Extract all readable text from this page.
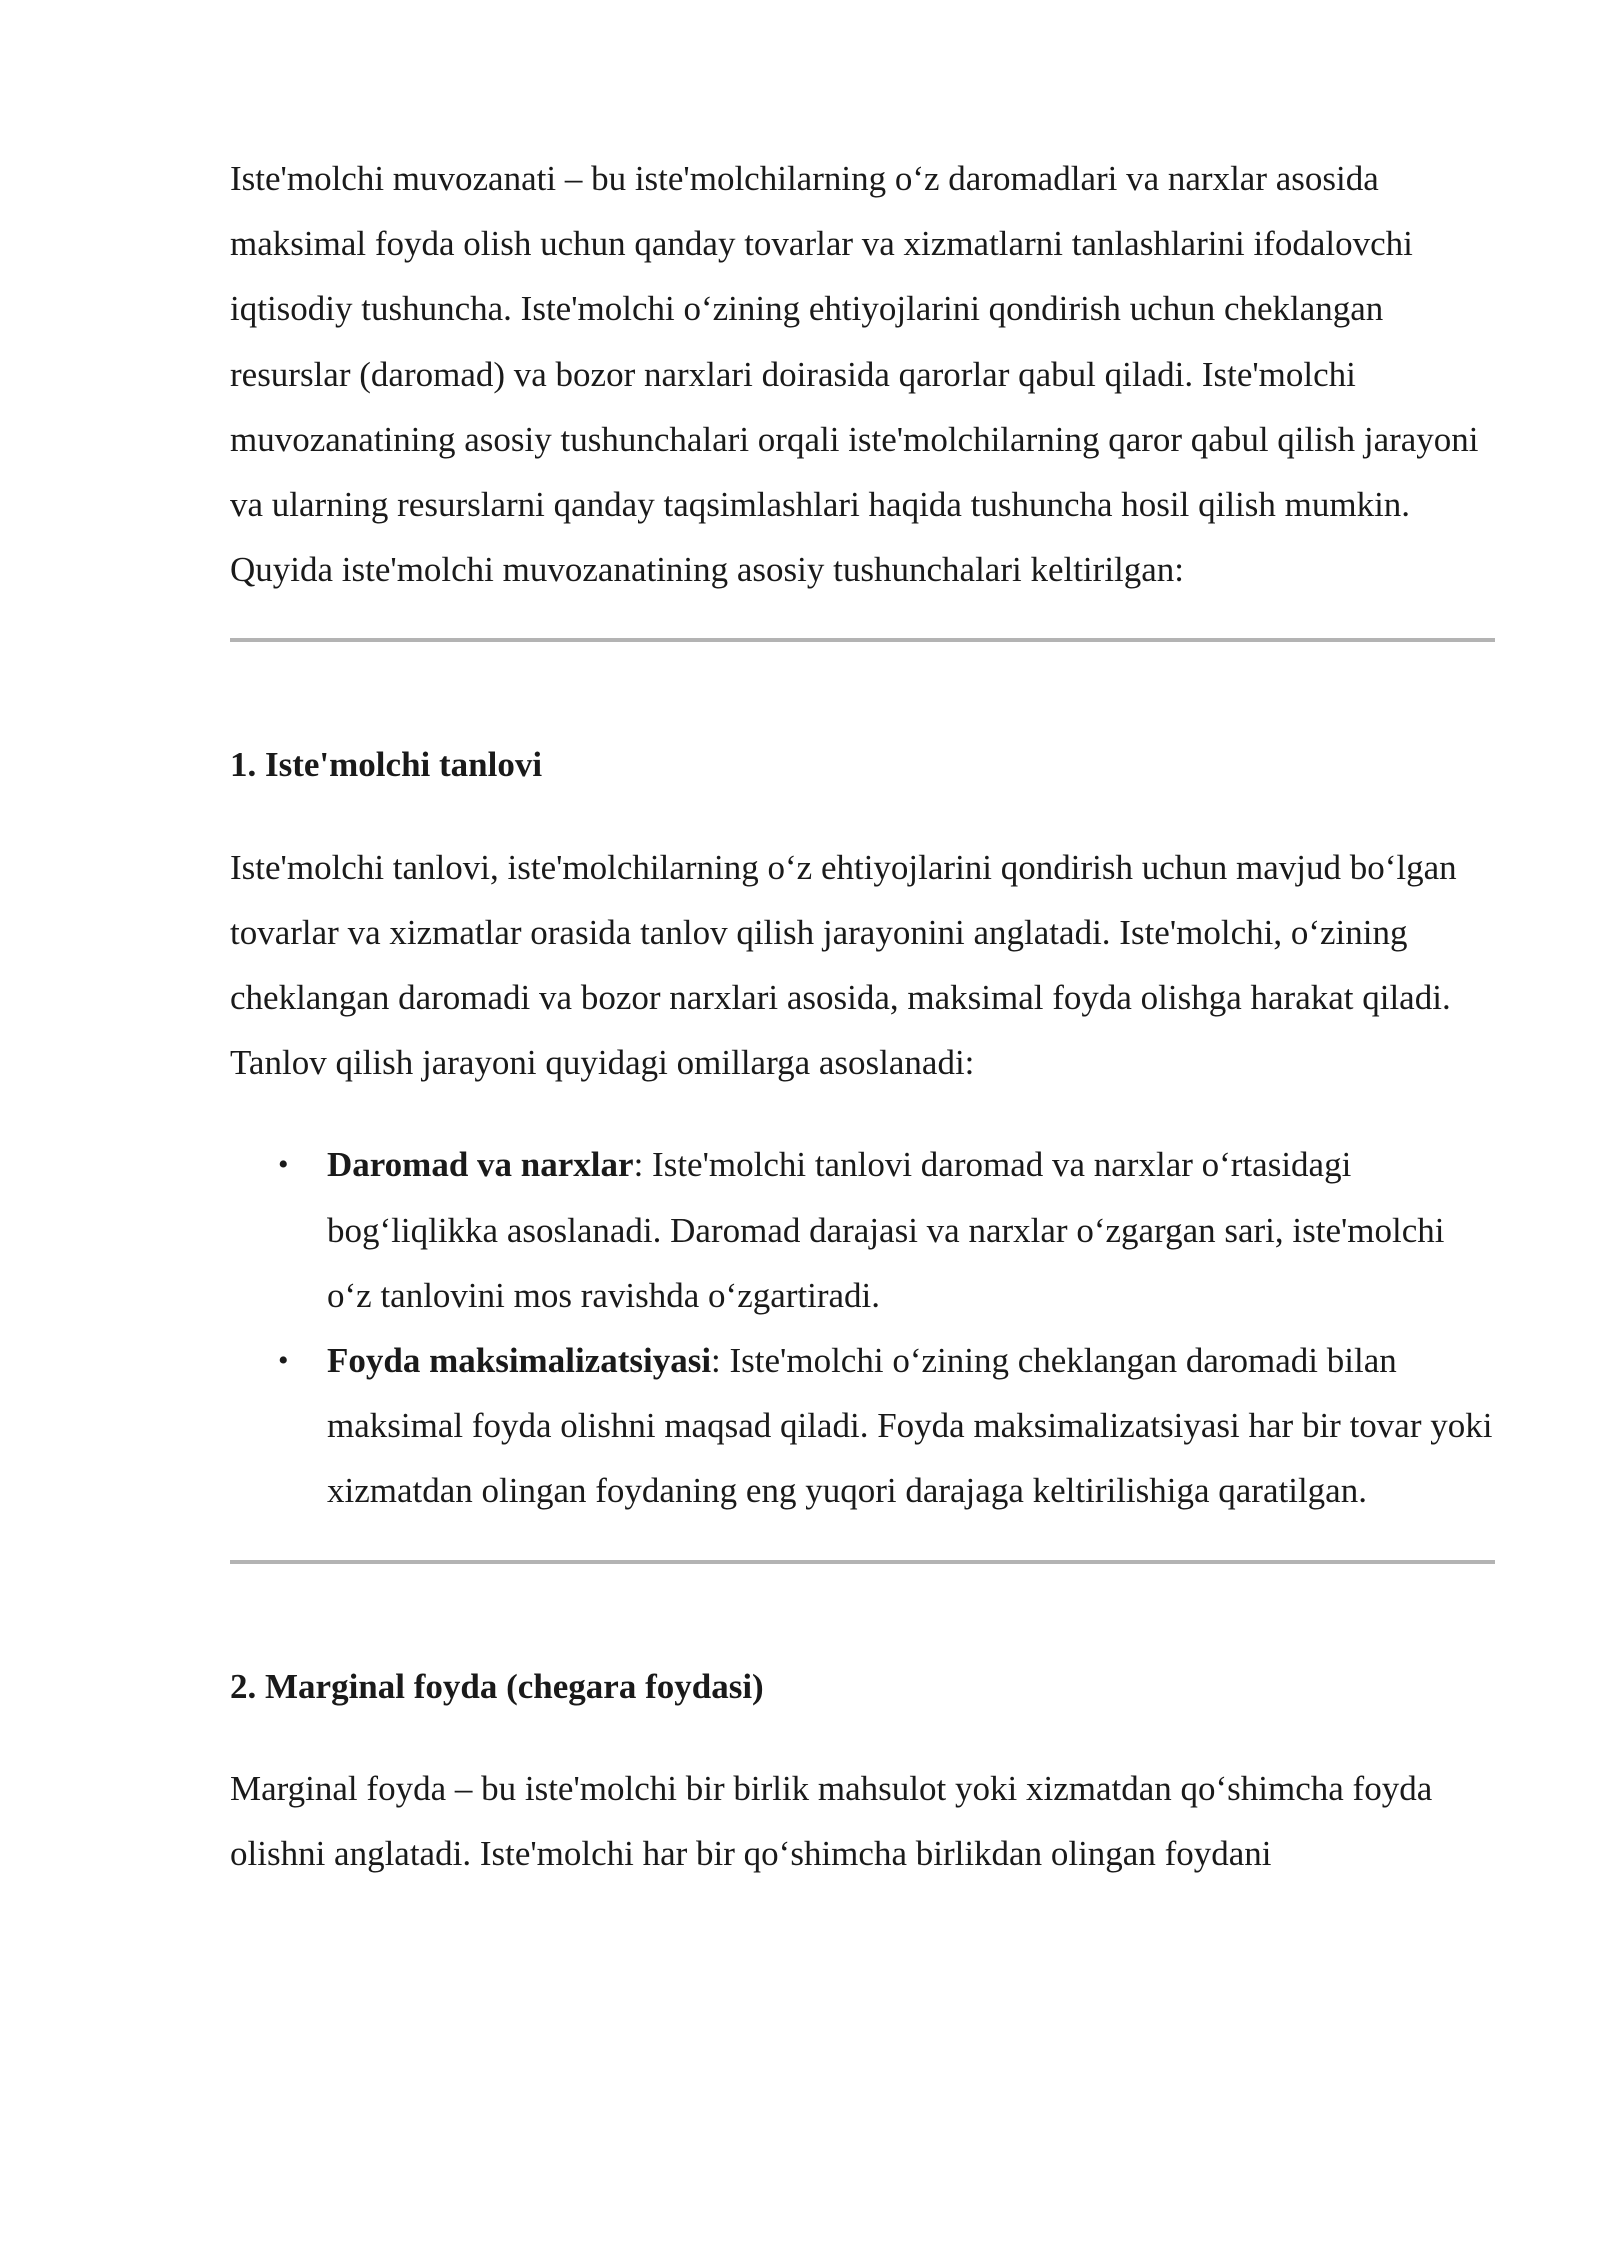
Iste'molchi muvozanati – bu iste'molchilarning o‘z daromadlari va narxlar asosida maksimal foyda olish uchun qanday tovarlar va xizmatlarni tanlashlarini ifodalovchi iqtisodiy tushuncha. Iste'molchi o‘zining ehtiyojlarini qondirish uchun cheklangan resurslar (daromad) va bozor narxlari doirasida qarorlar qabul qiladi. Iste'molchi muvozanatining asosiy tushunchalari orqali iste'molchilarning qaror qabul qilish jarayoni va ularning resurslarni qanday taqsimlashlari haqida tushuncha hosil qilish mumkin. Quyida iste'molchi muvozanatining asosiy tushunchalari keltirilgan:

1. Iste'molchi tanlovi

Iste'molchi tanlovi, iste'molchilarning o‘z ehtiyojlarini qondirish uchun mavjud bo‘lgan tovarlar va xizmatlar orasida tanlov qilish jarayonini anglatadi. Iste'molchi, o‘zining cheklangan daromadi va bozor narxlari asosida, maksimal foyda olishga harakat qiladi. Tanlov qilish jarayoni quyidagi omillarga asoslanadi:

• Daromad va narxlar: Iste'molchi tanlovi daromad va narxlar o‘rtasidagi bog‘liqlikka asoslanadi. Daromad darajasi va narxlar o‘zgargan sari, iste'molchi o‘z tanlovini mos ravishda o‘zgartiradi.
• Foyda maksimalizatsiyasi: Iste'molchi o‘zining cheklangan daromadi bilan maksimal foyda olishni maqsad qiladi. Foyda maksimalizatsiyasi har bir tovar yoki xizmatdan olingan foydaning eng yuqori darajaga keltirilishiga qaratilgan.
2. Marginal foyda (chegara foydasi)

Marginal foyda – bu iste'molchi bir birlik mahsulot yoki xizmatdan qo‘shimcha foyda olishni anglatadi. Iste'molchi har bir qo‘shimcha birlikdan olingan foydani
